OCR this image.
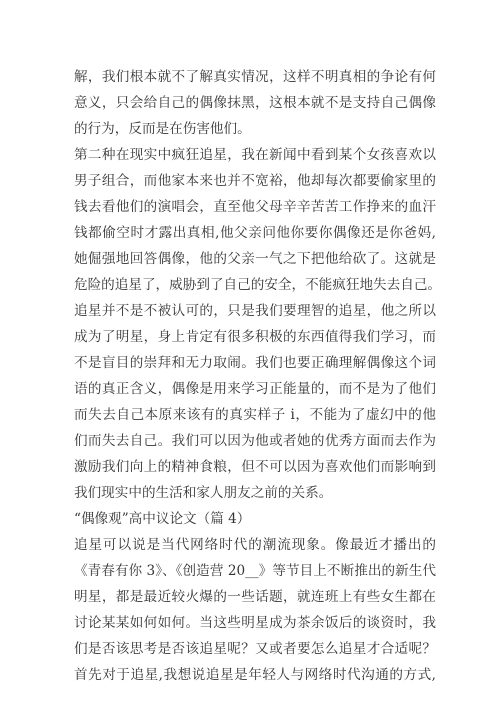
解，我们根本就不了解真实情况，这样不明真相的争论有何
意义，只会给自己的偶像抹黑，这根本就不是支持自己偶像
的行为，反而是在伤害他们。
第二种在现实中疯狂追星，我在新闻中看到某个女孩喜欢以
男子组合，而他家本来也并不宽裕，他却每次都要偷家里的
钱去看他们的演唱会，直至他父母辛辛苦苦工作挣来的血汗
钱都偷空时才露出真相,他父亲问他你要你偶像还是你爸妈,
她倔强地回答偶像，他的父亲一气之下把他给砍了。这就是
危险的追星了，威胁到了自己的安全，不能疯狂地失去自己。
追星并不是不被认可的，只是我们要理智的追星，他之所以
成为了明星，身上肯定有很多积极的东西值得我们学习，而
不是盲目的崇拜和无力取闹。我们也要正确理解偶像这个词
语的真正含义，偶像是用来学习正能量的，而不是为了他们
而失去自己本原来该有的真实样子 i，不能为了虚幻中的他
们而失去自己。我们可以因为他或者她的优秀方面而去作为
激励我们向上的精神食粮，但不可以因为喜欢他们而影响到
我们现实中的生活和家人朋友之前的关系。
“偶像观”高中议论文（篇 4）
追星可以说是当代网络时代的潮流现象。像最近才播出的
《青春有你 3》、《创造营 20__》等节目上不断推出的新生代
明星，都是最近较火爆的一些话题，就连班上有些女生都在
讨论某某如何如何。当这些明星成为茶余饭后的谈资时，我
们是否该思考是否该追星呢？又或者要怎么追星才合适呢？
首先对于追星,我想说追星是年轻人与网络时代沟通的方式,
